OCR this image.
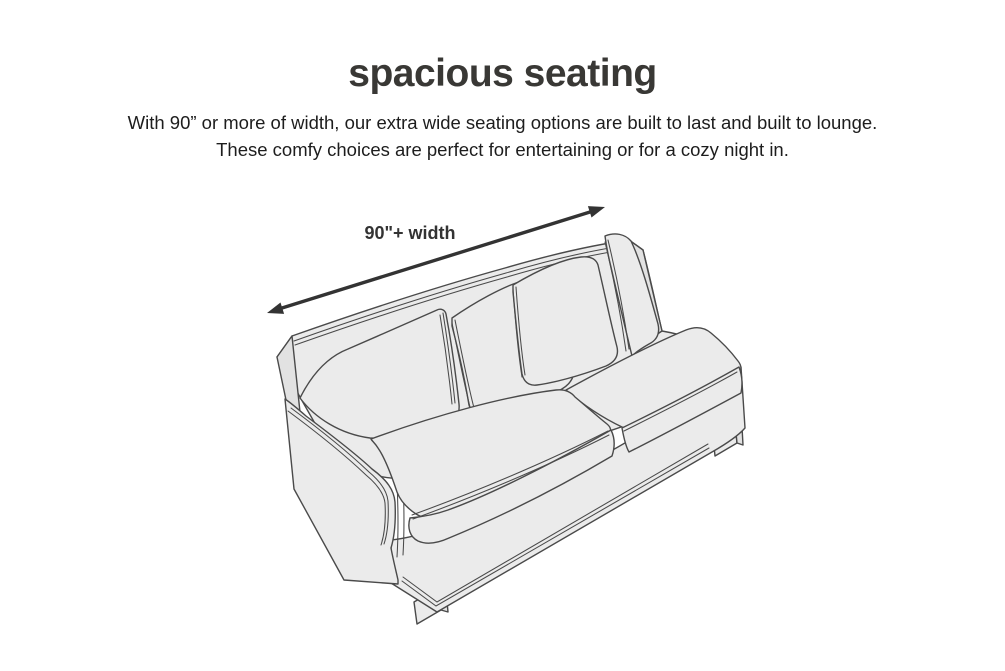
spacious seating

With 90” or more of width, our extra wide seating options are built to last and built to lounge.
These comfy choices are perfect for entertaining or for a cozy night in.

90"+ width
